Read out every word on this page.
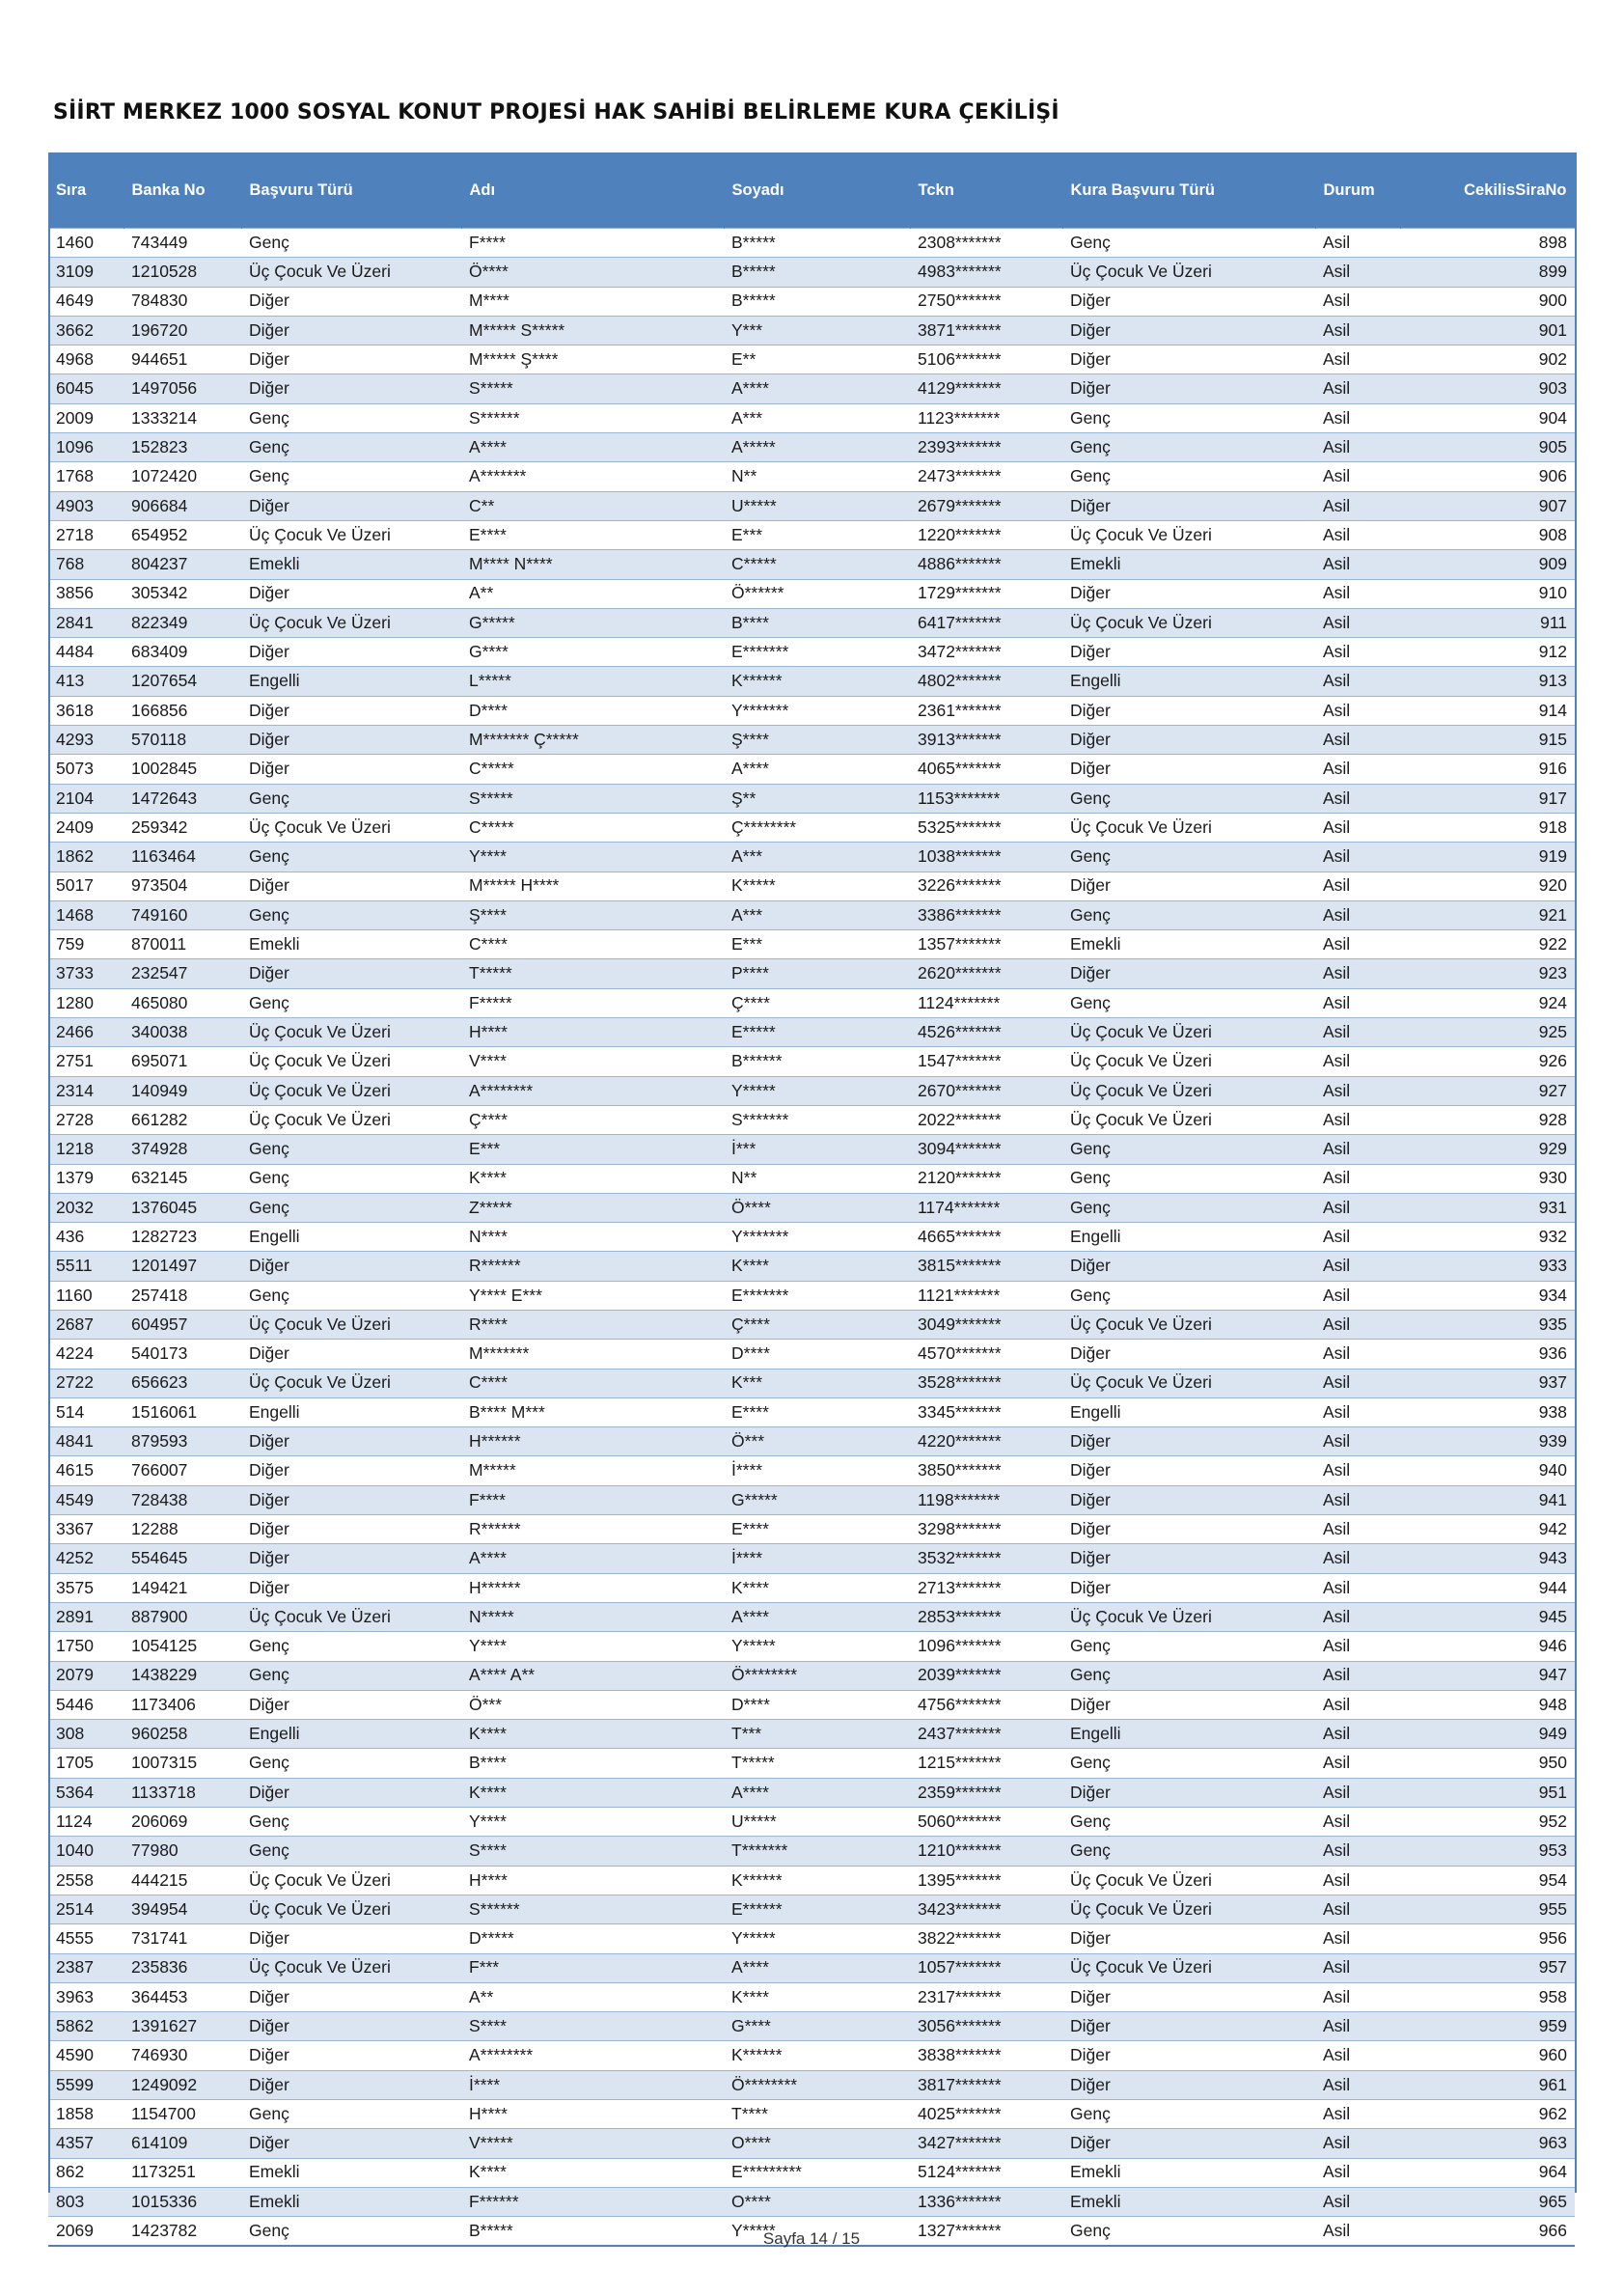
SİİRT MERKEZ 1000 SOSYAL KONUT PROJESİ HAK SAHİBİ BELİRLEME KURA ÇEKİLİŞİ
Sıra	Banka No	Başvuru Türü	Adı	Soyadı	Tckn	Kura Başvuru Türü	Durum	CekilisSiraNo
1460	743449	Genç	F****	B*****	2308*******	Genç	Asil	898
3109	1210528	Üç Çocuk Ve Üzeri	Ö****	B*****	4983*******	Üç Çocuk Ve Üzeri	Asil	899
4649	784830	Diğer	M****	B*****	2750*******	Diğer	Asil	900
3662	196720	Diğer	M***** S*****	Y***	3871*******	Diğer	Asil	901
4968	944651	Diğer	M***** Ş****	E**	5106*******	Diğer	Asil	902
6045	1497056	Diğer	S*****	A****	4129*******	Diğer	Asil	903
2009	1333214	Genç	S******	A***	1123*******	Genç	Asil	904
1096	152823	Genç	A****	A*****	2393*******	Genç	Asil	905
1768	1072420	Genç	A*******	N**	2473*******	Genç	Asil	906
4903	906684	Diğer	C**	U*****	2679*******	Diğer	Asil	907
2718	654952	Üç Çocuk Ve Üzeri	E****	E***	1220*******	Üç Çocuk Ve Üzeri	Asil	908
768	804237	Emekli	M**** N****	C*****	4886*******	Emekli	Asil	909
3856	305342	Diğer	A**	Ö******	1729*******	Diğer	Asil	910
2841	822349	Üç Çocuk Ve Üzeri	G*****	B****	6417*******	Üç Çocuk Ve Üzeri	Asil	911
4484	683409	Diğer	G****	E*******	3472*******	Diğer	Asil	912
413	1207654	Engelli	L*****	K******	4802*******	Engelli	Asil	913
3618	166856	Diğer	D****	Y*******	2361*******	Diğer	Asil	914
4293	570118	Diğer	M******* Ç*****	Ş****	3913*******	Diğer	Asil	915
5073	1002845	Diğer	C*****	A****	4065*******	Diğer	Asil	916
2104	1472643	Genç	S*****	Ş**	1153*******	Genç	Asil	917
2409	259342	Üç Çocuk Ve Üzeri	C*****	Ç********	5325*******	Üç Çocuk Ve Üzeri	Asil	918
1862	1163464	Genç	Y****	A***	1038*******	Genç	Asil	919
5017	973504	Diğer	M***** H****	K*****	3226*******	Diğer	Asil	920
1468	749160	Genç	Ş****	A***	3386*******	Genç	Asil	921
759	870011	Emekli	C****	E***	1357*******	Emekli	Asil	922
3733	232547	Diğer	T*****	P****	2620*******	Diğer	Asil	923
1280	465080	Genç	F*****	Ç****	1124*******	Genç	Asil	924
2466	340038	Üç Çocuk Ve Üzeri	H****	E*****	4526*******	Üç Çocuk Ve Üzeri	Asil	925
2751	695071	Üç Çocuk Ve Üzeri	V****	B******	1547*******	Üç Çocuk Ve Üzeri	Asil	926
2314	140949	Üç Çocuk Ve Üzeri	A********	Y*****	2670*******	Üç Çocuk Ve Üzeri	Asil	927
2728	661282	Üç Çocuk Ve Üzeri	Ç****	S*******	2022*******	Üç Çocuk Ve Üzeri	Asil	928
1218	374928	Genç	E***	İ***	3094*******	Genç	Asil	929
1379	632145	Genç	K****	N**	2120*******	Genç	Asil	930
2032	1376045	Genç	Z*****	Ö****	1174*******	Genç	Asil	931
436	1282723	Engelli	N****	Y*******	4665*******	Engelli	Asil	932
5511	1201497	Diğer	R******	K****	3815*******	Diğer	Asil	933
1160	257418	Genç	Y**** E***	E*******	1121*******	Genç	Asil	934
2687	604957	Üç Çocuk Ve Üzeri	R****	Ç****	3049*******	Üç Çocuk Ve Üzeri	Asil	935
4224	540173	Diğer	M*******	D****	4570*******	Diğer	Asil	936
2722	656623	Üç Çocuk Ve Üzeri	C****	K***	3528*******	Üç Çocuk Ve Üzeri	Asil	937
514	1516061	Engelli	B**** M***	E****	3345*******	Engelli	Asil	938
4841	879593	Diğer	H******	Ö***	4220*******	Diğer	Asil	939
4615	766007	Diğer	M*****	İ****	3850*******	Diğer	Asil	940
4549	728438	Diğer	F****	G*****	1198*******	Diğer	Asil	941
3367	12288	Diğer	R******	E****	3298*******	Diğer	Asil	942
4252	554645	Diğer	A****	İ****	3532*******	Diğer	Asil	943
3575	149421	Diğer	H******	K****	2713*******	Diğer	Asil	944
2891	887900	Üç Çocuk Ve Üzeri	N*****	A****	2853*******	Üç Çocuk Ve Üzeri	Asil	945
1750	1054125	Genç	Y****	Y*****	1096*******	Genç	Asil	946
2079	1438229	Genç	A**** A**	Ö********	2039*******	Genç	Asil	947
5446	1173406	Diğer	Ö***	D****	4756*******	Diğer	Asil	948
308	960258	Engelli	K****	T***	2437*******	Engelli	Asil	949
1705	1007315	Genç	B****	T*****	1215*******	Genç	Asil	950
5364	1133718	Diğer	K****	A****	2359*******	Diğer	Asil	951
1124	206069	Genç	Y****	U*****	5060*******	Genç	Asil	952
1040	77980	Genç	S****	T*******	1210*******	Genç	Asil	953
2558	444215	Üç Çocuk Ve Üzeri	H****	K******	1395*******	Üç Çocuk Ve Üzeri	Asil	954
2514	394954	Üç Çocuk Ve Üzeri	S******	E******	3423*******	Üç Çocuk Ve Üzeri	Asil	955
4555	731741	Diğer	D*****	Y*****	3822*******	Diğer	Asil	956
2387	235836	Üç Çocuk Ve Üzeri	F***	A****	1057*******	Üç Çocuk Ve Üzeri	Asil	957
3963	364453	Diğer	A**	K****	2317*******	Diğer	Asil	958
5862	1391627	Diğer	S****	G****	3056*******	Diğer	Asil	959
4590	746930	Diğer	A********	K******	3838*******	Diğer	Asil	960
5599	1249092	Diğer	İ****	Ö********	3817*******	Diğer	Asil	961
1858	1154700	Genç	H****	T****	4025*******	Genç	Asil	962
4357	614109	Diğer	V*****	O****	3427*******	Diğer	Asil	963
862	1173251	Emekli	K****	E*********	5124*******	Emekli	Asil	964
803	1015336	Emekli	F******	O****	1336*******	Emekli	Asil	965
2069	1423782	Genç	B*****	Y*****	1327*******	Genç	Asil	966
Sayfa 14 / 15
